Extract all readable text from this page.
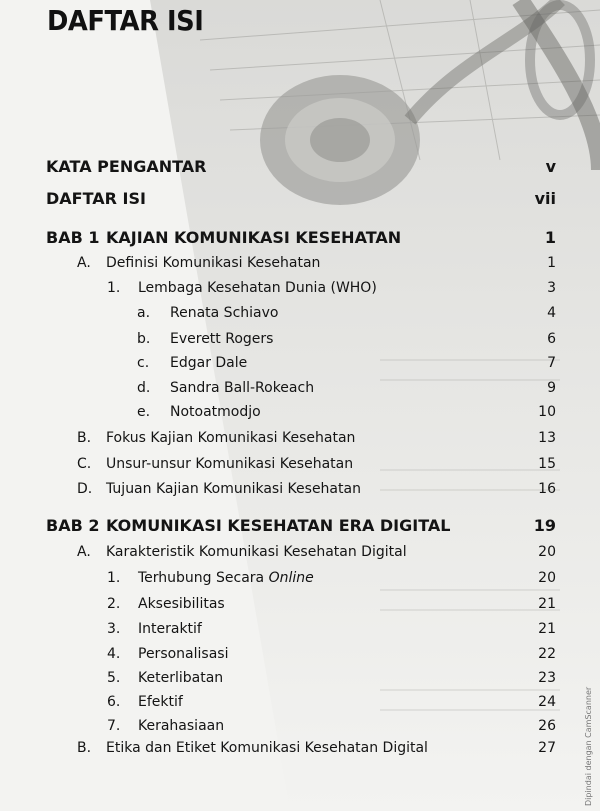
DAFTAR ISI
KATA PENGANTAR	v
DAFTAR ISI	vii
BAB 1 KAJIAN KOMUNIKASI KESEHATAN	1
A. Definisi Komunikasi Kesehatan	1
1. Lembaga Kesehatan Dunia (WHO)	3
a. Renata Schiavo	4
b. Everett Rogers	6
c. Edgar Dale	7
d. Sandra Ball-Rokeach	9
e. Notoatmodjo	10
B. Fokus Kajian Komunikasi Kesehatan	13
C. Unsur-unsur Komunikasi Kesehatan	15
D. Tujuan Kajian Komunikasi Kesehatan	16
BAB 2 KOMUNIKASI KESEHATAN ERA DIGITAL	19
A. Karakteristik Komunikasi Kesehatan Digital	20
1. Terhubung Secara Online	20
2. Aksesibilitas	21
3. Interaktif	21
4. Personalisasi	22
5. Keterlibatan	23
6. Efektif	24
7. Kerahasiaan	26
B. Etika dan Etiket Komunikasi Kesehatan Digital	27	Dipindai dengan CamScanner
